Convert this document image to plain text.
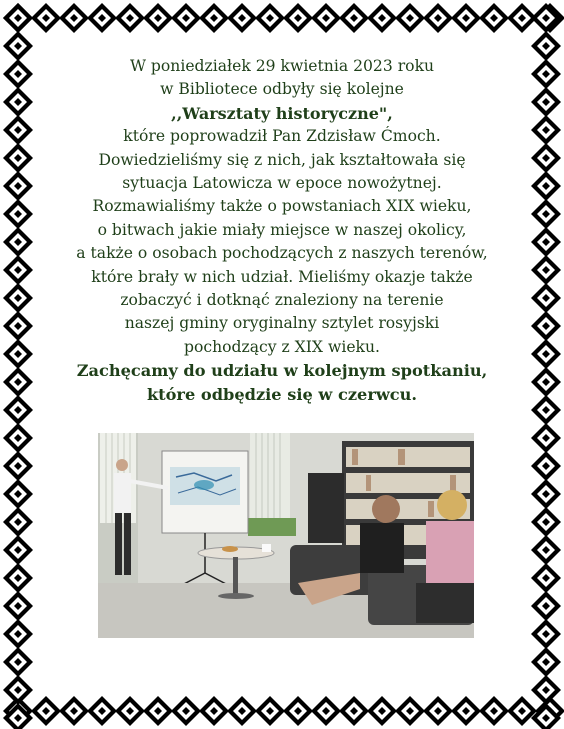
W poniedziałek 29 kwietnia 2023 roku
w Bibliotece odbyły się kolejne
,,Warsztaty historyczne",
które poprowadził Pan Zdzisław Ćmoch.
Dowiedzieliśmy się z nich, jak kształtowała się
sytuacja Latowicza w epoce nowożytnej.
Rozmawialiśmy także o powstaniach XIX wieku,
o bitwach jakie miały miejsce w naszej okolicy,
a także o osobach pochodzących z naszych terenów,
które brały w nich udział. Mieliśmy okazje także
zobaczyć i dotknąć znaleziony na terenie
naszej gminy oryginalny sztylet rosyjski
pochodzący z XIX wieku.
Zachęcamy do udziału w kolejnym spotkaniu,
które odbędzie się w czerwcu.
